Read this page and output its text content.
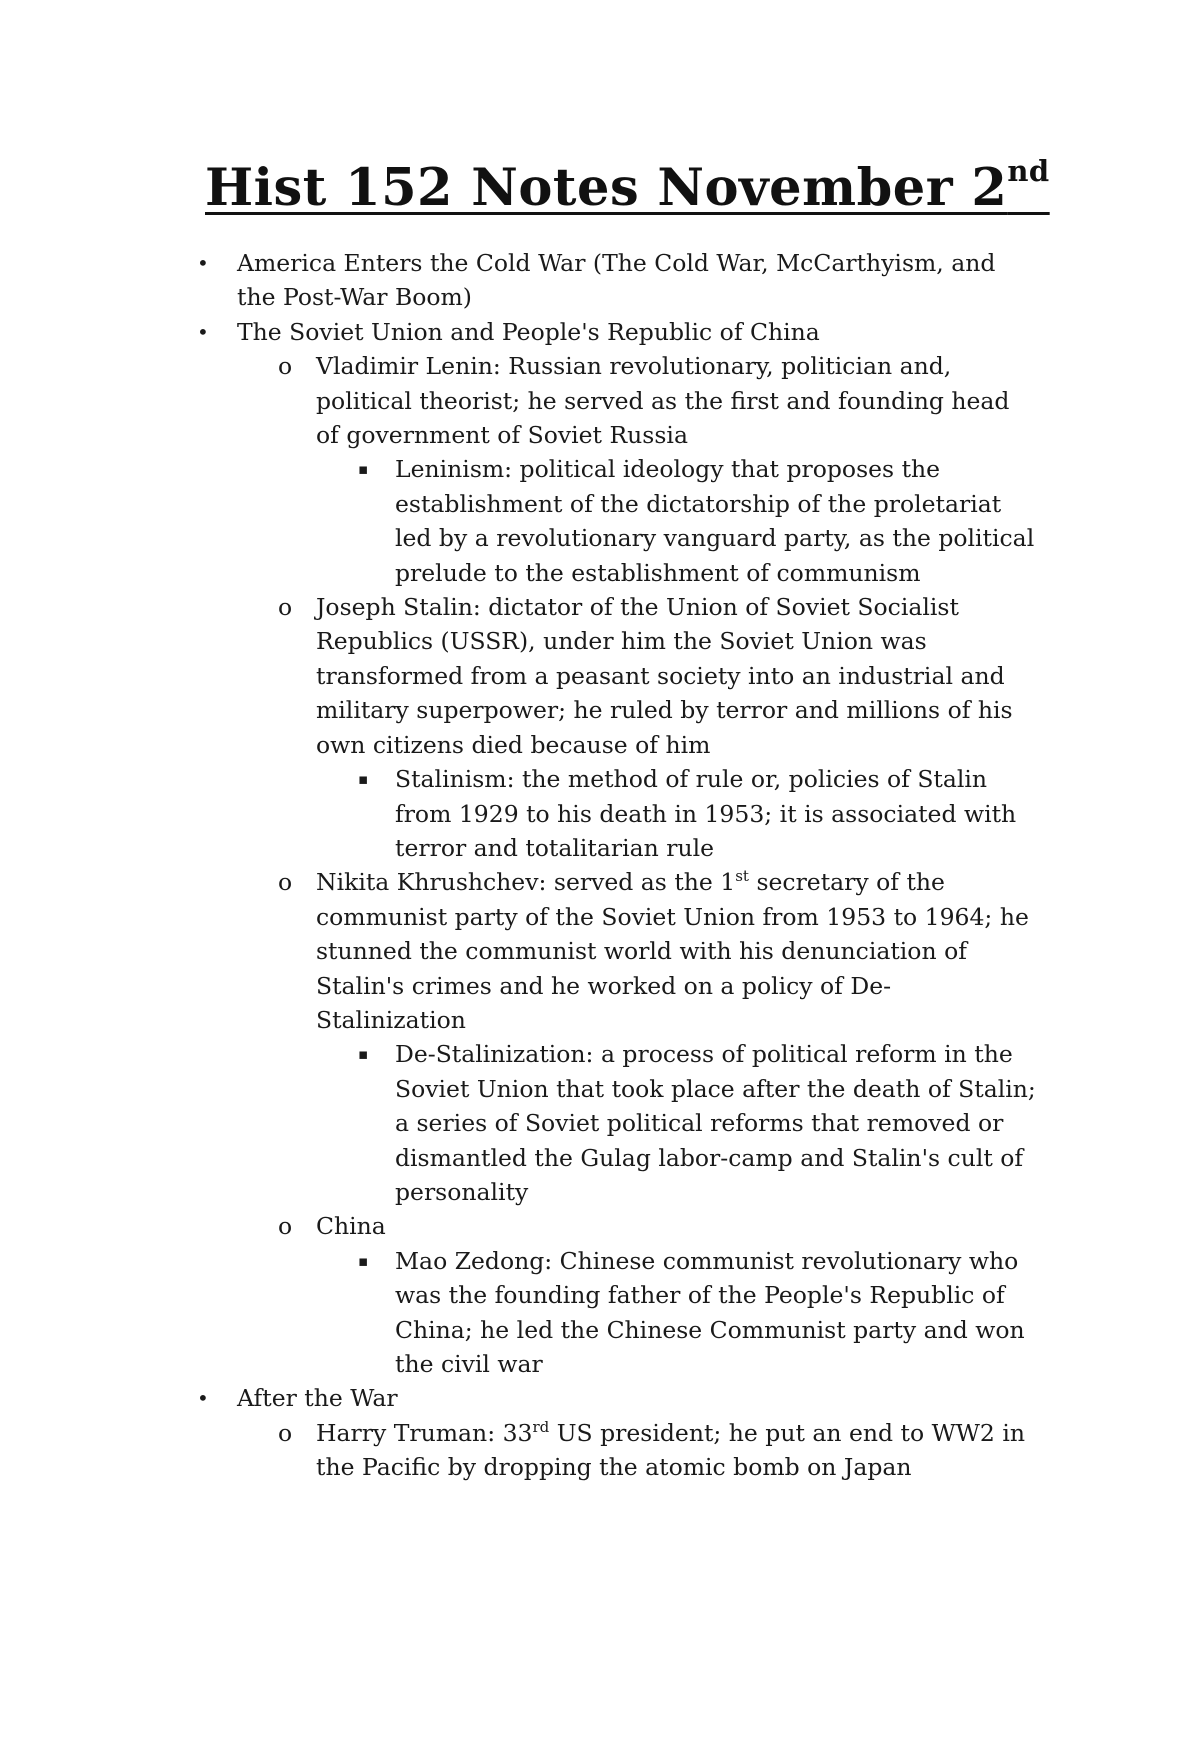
Hist 152 Notes November 2nd
• America Enters the Cold War (The Cold War, McCarthyism, and the Post-War Boom)
• The Soviet Union and People's Republic of China
o Vladimir Lenin: Russian revolutionary, politician and, political theorist; he served as the first and founding head of government of Soviet Russia
▪ Leninism: political ideology that proposes the establishment of the dictatorship of the proletariat led by a revolutionary vanguard party, as the political prelude to the establishment of communism
o Joseph Stalin: dictator of the Union of Soviet Socialist Republics (USSR), under him the Soviet Union was transformed from a peasant society into an industrial and military superpower; he ruled by terror and millions of his own citizens died because of him
▪ Stalinism: the method of rule or, policies of Stalin from 1929 to his death in 1953; it is associated with terror and totalitarian rule
o Nikita Khrushchev: served as the 1st secretary of the communist party of the Soviet Union from 1953 to 1964; he stunned the communist world with his denunciation of Stalin's crimes and he worked on a policy of De-Stalinization
▪ De-Stalinization: a process of political reform in the Soviet Union that took place after the death of Stalin; a series of Soviet political reforms that removed or dismantled the Gulag labor-camp and Stalin's cult of personality
o China
▪ Mao Zedong: Chinese communist revolutionary who was the founding father of the People's Republic of China; he led the Chinese Communist party and won the civil war
• After the War
o Harry Truman: 33rd US president; he put an end to WW2 in the Pacific by dropping the atomic bomb on Japan
